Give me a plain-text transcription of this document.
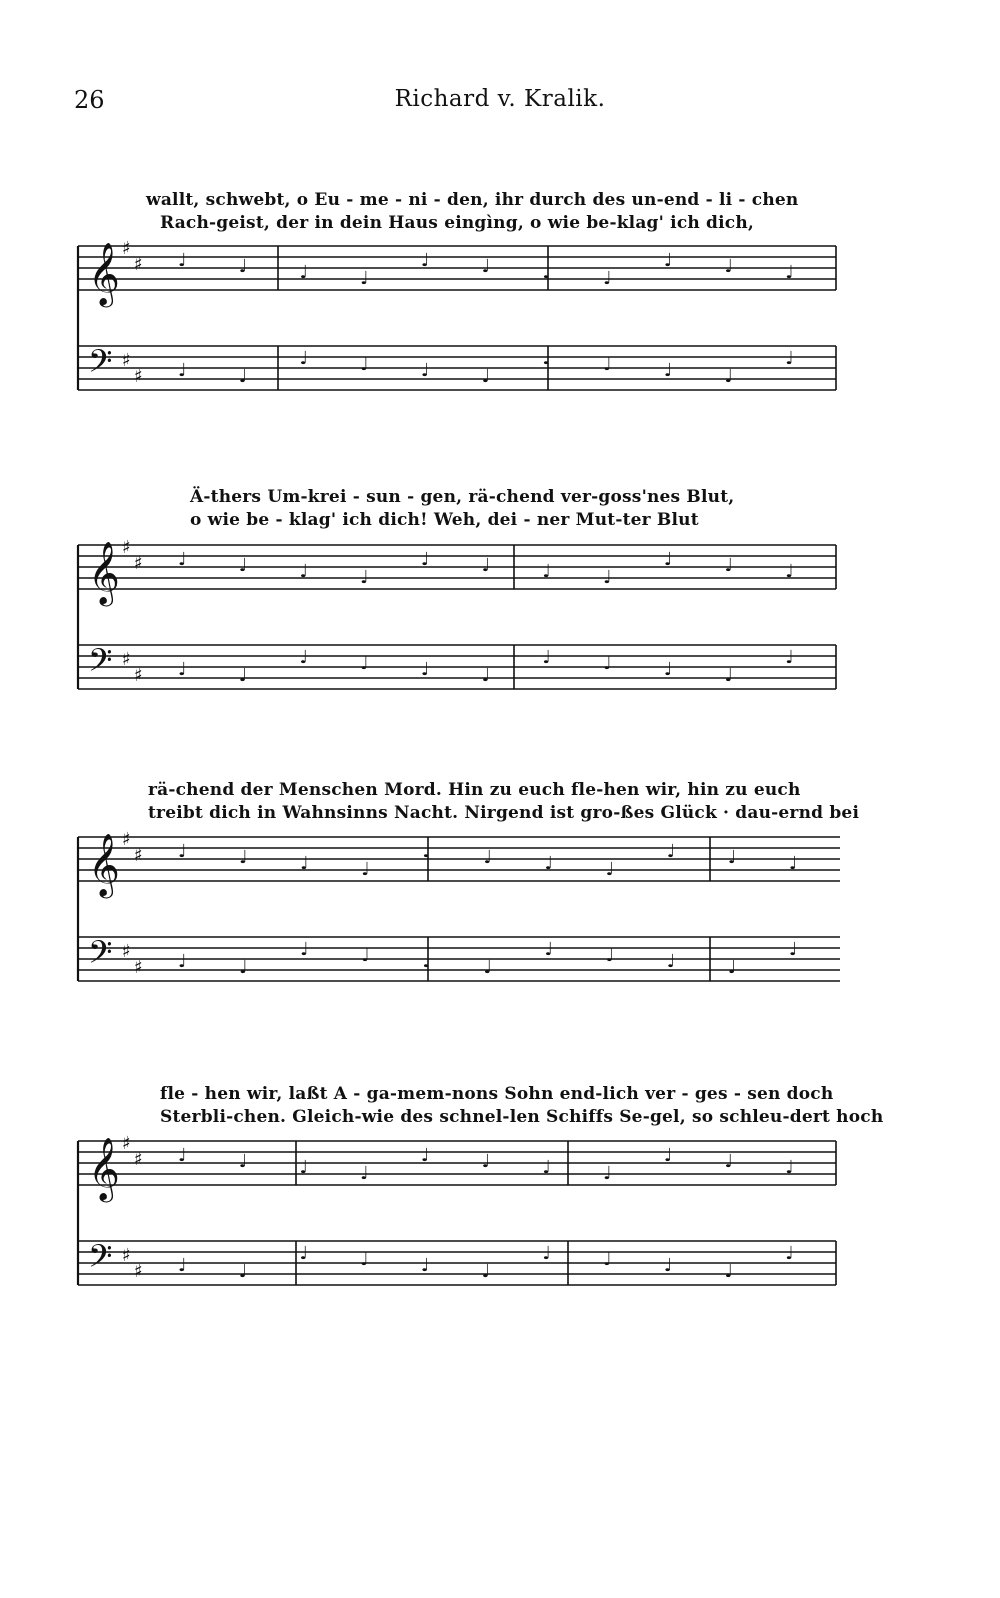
26	Richard v. Kralik.
wallt, schwebt, o Eu - me - ni - den, ihr durch des un-end - li - chen
Rach-geist, der in dein Haus eingìng, o wie be-klag' ich dich,
𝄞 ♯
♯
𝄢 ♯
♯
♩
♩
♩
♩
♩
♩
♩
♩
♩
♩
♩
♩
♩
♩
♩
♩
♩
♩
♩
♩
♩
♩
Ä-thers Um-krei - sun - gen, rä-chend ver-goss'nes Blut,
o wie be - klag' ich dich! Weh, dei - ner Mut-ter Blut
𝄞 ♯
♯
𝄢 ♯
♯
♩
♩
♩
♩
♩
♩
♩
♩
♩
♩
♩
♩
♩
♩
♩
♩
♩
♩
♩
♩
♩
♩
rä-chend der Menschen Mord. Hin zu euch fle-hen wir, hin zu euch
treibt dich in Wahnsinns Nacht. Nirgend ist gro-ßes Glück · dau-ernd bei
𝄞 ♯
♯
𝄢 ♯
♯
♩
♩
♩
♩
♩
♩
♩
♩
♩
♩
♩
♩
♩
♩
♩
♩
♩
♩
♩
♩
♩
♩
fle - hen wir, laßt A - ga-mem-nons Sohn end-lich ver - ges - sen doch
Sterbli-chen. Gleich-wie des schnel-len Schiffs Se-gel, so schleu-dert hoch
𝄞 ♯
♯
𝄢 ♯
♯
♩
♩
♩
♩
♩
♩
♩
♩
♩
♩
♩
♩
♩
♩
♩
♩
♩
♩
♩
♩
♩
♩
